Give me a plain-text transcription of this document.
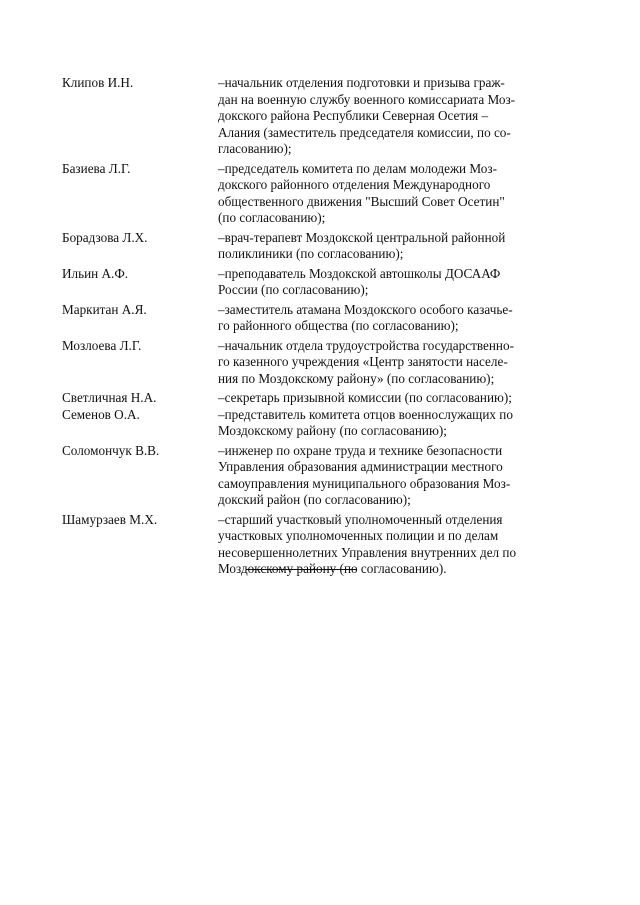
Клипов И.Н.	–начальник отделения подготовки и призыва граж-
дан на военную службу военного комиссариата Моз-
докского района Республики Северная Осетия –
Алания (заместитель председателя комиссии, по со-
гласованию);
Базиева Л.Г.	–председатель комитета по делам молодежи Моз-
докского районного отделения Международного
общественного движения "Высший Совет Осетин"
(по согласованию);
Борадзова Л.Х.	–врач-терапевт Моздокской центральной районной
поликлиники (по согласованию);
Ильин А.Ф.	–преподаватель Моздокской автошколы ДОСААФ
России (по согласованию);
Маркитан А.Я.	–заместитель атамана Моздокского особого казачье-
го районного общества (по согласованию);
Мозлоева Л.Г.	–начальник отдела трудоустройства государственно-
го казенного учреждения «Центр занятости населе-
ния по Моздокскому району» (по согласованию);
Светличная Н.А.	–секретарь призывной комиссии (по согласованию);
Семенов О.А.	–представитель комитета отцов военнослужащих по
Моздокскому району (по согласованию);
Соломончук В.В.	–инженер по охране труда и технике безопасности
Управления образования администрации местного
самоуправления муниципального образования Моз-
докский район (по согласованию);
Шамурзаев М.Х.	–старший участковый уполномоченный отделения
участковых уполномоченных полиции и по делам
несовершеннолетних Управления внутренних дел по
Моздокскому району (по согласованию).
